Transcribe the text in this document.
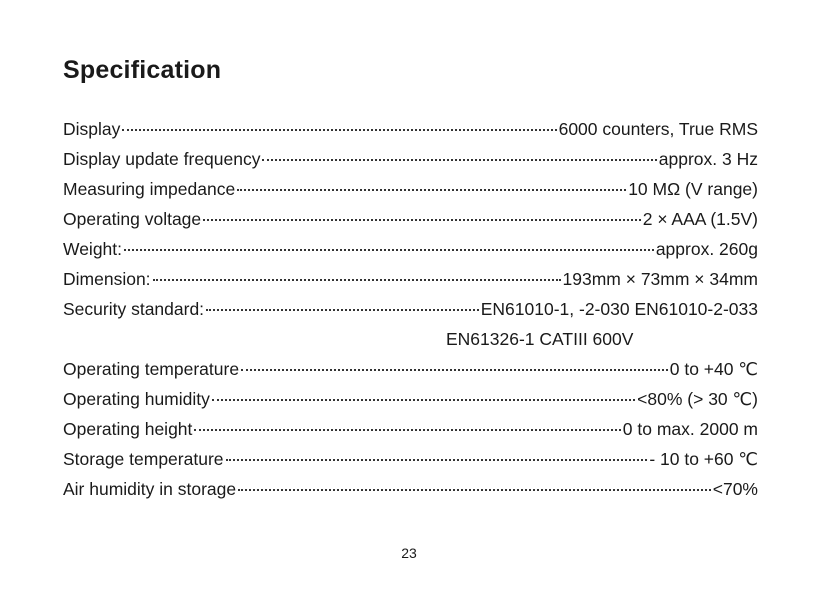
Specification
Display	6000 counters, True RMS
Display update frequency	approx. 3 Hz
Measuring impedance	10 MΩ (V range)
Operating voltage	2 × AAA (1.5V)
Weight:	approx. 260g
Dimension:	193mm × 73mm × 34mm
Security standard:	EN61010-1, -2-030 EN61010-2-033
EN61326-1 CATIII 600V
Operating temperature	0 to +40 ℃
Operating humidity	<80% (> 30 ℃)
Operating height	0 to max. 2000 m
Storage temperature	- 10 to +60 ℃
Air humidity in storage	<70%
23
